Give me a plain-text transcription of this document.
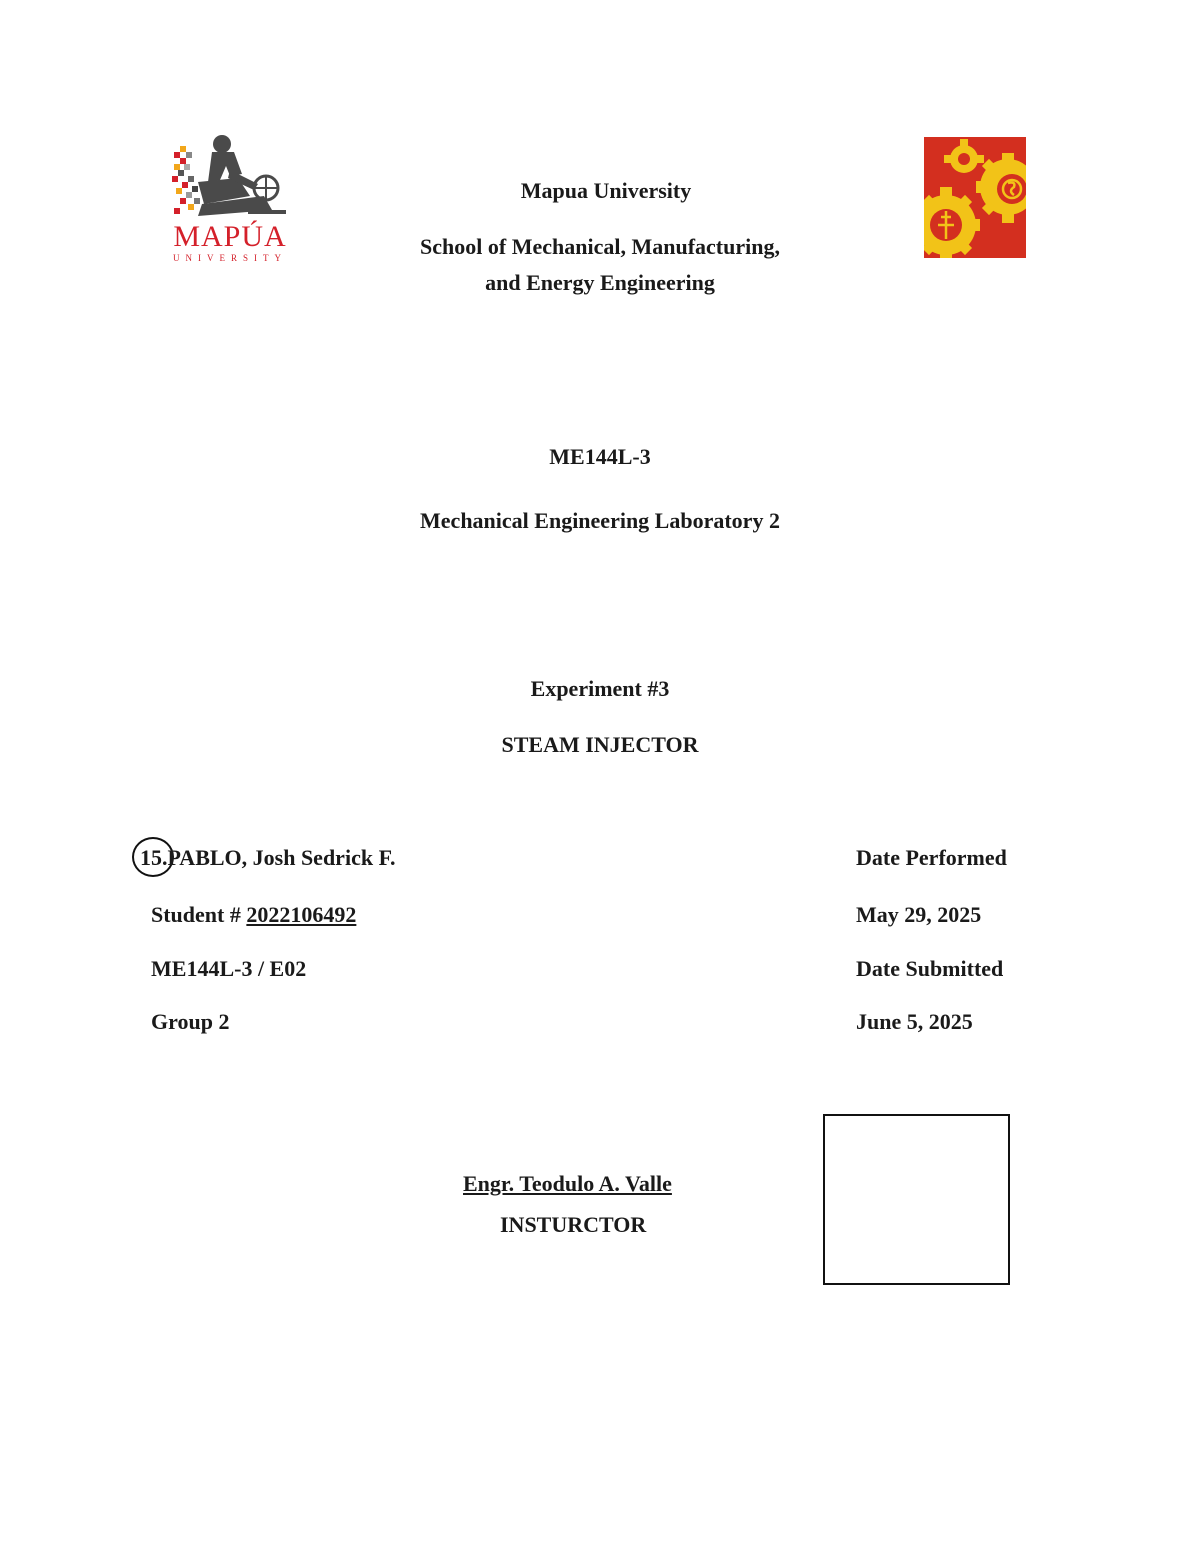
MAPÚA
UNIVERSITY
Mapua University
School of Mechanical, Manufacturing,
and Energy Engineering
ME144L-3
Mechanical Engineering Laboratory 2
Experiment #3
STEAM INJECTOR
15.PABLO, Josh Sedrick F.
Student # 2022106492
ME144L-3 / E02
Group 2
Date Performed
May 29, 2025
Date Submitted
June 5, 2025
Engr. Teodulo A. Valle
INSTURCTOR
